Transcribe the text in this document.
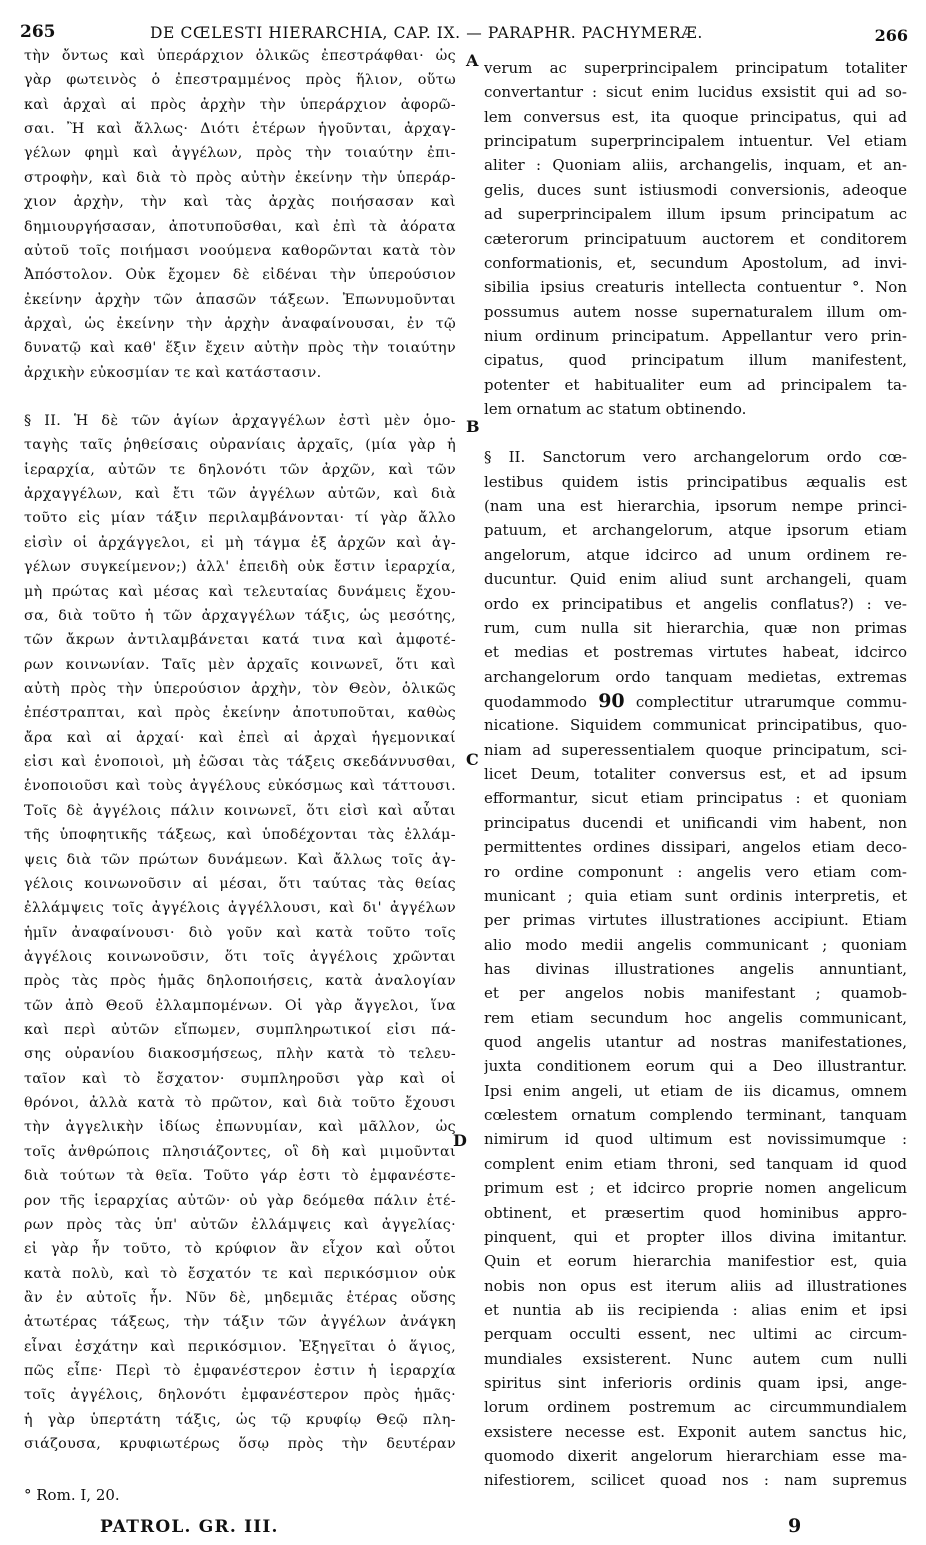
265	DE CŒLESTI HIERARCHIA, CAP. IX. — PARAPHR. PACHYMERÆ.	266
τὴν ὄντως καὶ ὑπεράρχιον ὁλικῶς ἐπεστράφθαι· ὡς
γὰρ φωτεινὸς ὁ ἐπεστραμμένος πρὸς ἥλιον, οὕτω
καὶ ἀρχαὶ αἱ πρὸς ἀρχὴν τὴν ὑπεράρχιον ἀφορῶ-
σαι. Ἢ καὶ ἄλλως· Διότι ἑτέρων ἡγοῦνται, ἀρχαγ-
γέλων φημὶ καὶ ἀγγέλων, πρὸς τὴν τοιαύτην ἐπι-
στροφὴν, καὶ διὰ τὸ πρὸς αὐτὴν ἐκείνην τὴν ὑπεράρ-
χιον ἀρχὴν, τὴν καὶ τὰς ἀρχὰς ποιήσασαν καὶ
δημιουργήσασαν, ἀποτυποῦσθαι, καὶ ἐπὶ τὰ ἀόρατα
αὐτοῦ τοῖς ποιήμασι νοούμενα καθορῶνται κατὰ τὸν
Ἀπόστολον. Οὐκ ἔχομεν δὲ εἰδέναι τὴν ὑπερούσιον
ἐκείνην ἀρχὴν τῶν ἁπασῶν τάξεων. Ἐπωνυμοῦνται
ἀρχαὶ, ὡς ἐκείνην τὴν ἀρχὴν ἀναφαίνουσαι, ἐν τῷ
δυνατῷ καὶ καθ' ἕξιν ἔχειν αὐτὴν πρὸς τὴν τοιαύτην
ἀρχικὴν εὐκοσμίαν τε καὶ κατάστασιν.
§ II. Ἡ δὲ τῶν ἁγίων ἀρχαγγέλων ἐστὶ μὲν ὁμο-
ταγὴς ταῖς ῥηθείσαις οὐρανίαις ἀρχαῖς, (μία γὰρ ἡ
ἱεραρχία, αὐτῶν τε δηλονότι τῶν ἀρχῶν, καὶ τῶν
ἀρχαγγέλων, καὶ ἔτι τῶν ἀγγέλων αὐτῶν, καὶ διὰ
τοῦτο εἰς μίαν τάξιν περιλαμβάνονται· τί γὰρ ἄλλο
εἰσὶν οἱ ἀρχάγγελοι, εἰ μὴ τάγμα ἐξ ἀρχῶν καὶ ἀγ-
γέλων συγκείμενον;) ἀλλ' ἐπειδὴ οὐκ ἔστιν ἱεραρχία,
μὴ πρώτας καὶ μέσας καὶ τελευταίας δυνάμεις ἔχου-
σα, διὰ τοῦτο ἡ τῶν ἀρχαγγέλων τάξις, ὡς μεσότης,
τῶν ἄκρων ἀντιλαμβάνεται κατά τινα καὶ ἀμφοτέ-
ρων κοινωνίαν. Ταῖς μὲν ἀρχαῖς κοινωνεῖ, ὅτι καὶ
αὐτὴ πρὸς τὴν ὑπερούσιον ἀρχὴν, τὸν Θεὸν, ὁλικῶς
ἐπέστραπται, καὶ πρὸς ἐκείνην ἀποτυποῦται, καθὼς
ἄρα καὶ αἱ ἀρχαί· καὶ ἐπεὶ αἱ ἀρχαὶ ἡγεμονικαί
εἰσι καὶ ἑνοποιοὶ, μὴ ἐῶσαι τὰς τάξεις σκεδάννυσθαι,
ἑνοποιοῦσι καὶ τοὺς ἀγγέλους εὐκόσμως καὶ τάττουσι.
Τοῖς δὲ ἀγγέλοις πάλιν κοινωνεῖ, ὅτι εἰσὶ καὶ αὗται
τῆς ὑποφητικῆς τάξεως, καὶ ὑποδέχονται τὰς ἐλλάμ-
ψεις διὰ τῶν πρώτων δυνάμεων. Καὶ ἄλλως τοῖς ἀγ-
γέλοις κοινωνοῦσιν αἱ μέσαι, ὅτι ταύτας τὰς θείας
ἐλλάμψεις τοῖς ἀγγέλοις ἀγγέλλουσι, καὶ δι' ἀγγέλων
ἡμῖν ἀναφαίνουσι· διὸ γοῦν καὶ κατὰ τοῦτο τοῖς
ἀγγέλοις κοινωνοῦσιν, ὅτι τοῖς ἀγγέλοις χρῶνται
πρὸς τὰς πρὸς ἡμᾶς δηλοποιήσεις, κατὰ ἀναλογίαν
τῶν ἀπὸ Θεοῦ ἐλλαμπομένων. Οἱ γὰρ ἄγγελοι, ἵνα
καὶ περὶ αὐτῶν εἴπωμεν, συμπληρωτικοί εἰσι πά-
σης οὐρανίου διακοσμήσεως, πλὴν κατὰ τὸ τελευ-
ταῖον καὶ τὸ ἔσχατον· συμπληροῦσι γὰρ καὶ οἱ
θρόνοι, ἀλλὰ κατὰ τὸ πρῶτον, καὶ διὰ τοῦτο ἔχουσι
τὴν ἀγγελικὴν ἰδίως ἐπωνυμίαν, καὶ μᾶλλον, ὡς
τοῖς ἀνθρώποις πλησιάζοντες, οἳ δὴ καὶ μιμοῦνται
διὰ τούτων τὰ θεῖα. Τοῦτο γάρ ἐστι τὸ ἐμφανέστε-
ρον τῆς ἱεραρχίας αὐτῶν· οὐ γὰρ δεόμεθα πάλιν ἑτέ-
ρων πρὸς τὰς ὑπ' αὐτῶν ἐλλάμψεις καὶ ἀγγελίας·
εἰ γὰρ ἦν τοῦτο, τὸ κρύφιον ἂν εἶχον καὶ οὗτοι
κατὰ πολὺ, καὶ τὸ ἔσχατόν τε καὶ περικόσμιον οὐκ
ἂν ἐν αὐτοῖς ἦν. Νῦν δὲ, μηδεμιᾶς ἑτέρας οὔσης
ἀτωτέρας τάξεως, τὴν τάξιν τῶν ἀγγέλων ἀνάγκη
εἶναι ἐσχάτην καὶ περικόσμιον. Ἐξηγεῖται ὁ ἅγιος,
πῶς εἶπε· Περὶ τὸ ἐμφανέστερον ἐστιν ἡ ἱεραρχία
τοῖς ἀγγέλοις, δηλονότι ἐμφανέστερον πρὸς ἡμᾶς·
ἡ γὰρ ὑπερτάτη τάξις, ὡς τῷ κρυφίῳ Θεῷ πλη-
σιάζουσα, κρυφιωτέρως ὅσῳ πρὸς τὴν δευτέραν
verum ac superprincipalem principatum totaliter
convertantur : sicut enim lucidus exsistit qui ad so-
lem conversus est, ita quoque principatus, qui ad
principatum superprincipalem intuentur. Vel etiam
aliter : Quoniam aliis, archangelis, inquam, et an-
gelis, duces sunt istiusmodi conversionis, adeoque
ad superprincipalem illum ipsum principatum ac
cæterorum principatuum auctorem et conditorem
conformationis, et, secundum Apostolum, ad invi-
sibilia ipsius creaturis intellecta contuentur °. Non
possumus autem nosse supernaturalem illum om-
nium ordinum principatum. Appellantur vero prin-
cipatus, quod principatum illum manifestent,
potenter et habitualiter eum ad principalem ta-
lem ornatum ac statum obtinendo.
§ II. Sanctorum vero archangelorum ordo cœ-
lestibus quidem istis principatibus æqualis est
(nam una est hierarchia, ipsorum nempe princi-
patuum, et archangelorum, atque ipsorum etiam
angelorum, atque idcirco ad unum ordinem re-
ducuntur. Quid enim aliud sunt archangeli, quam
ordo ex principatibus et angelis conflatus?) : ve-
rum, cum nulla sit hierarchia, quæ non primas
et medias et postremas virtutes habeat, idcirco
archangelorum ordo tanquam medietas, extremas
quodammodo 90 complectitur utrarumque commu-
nicatione. Siquidem communicat principatibus, quo-
niam ad superessentialem quoque principatum, sci-
licet Deum, totaliter conversus est, et ad ipsum
efformantur, sicut etiam principatus : et quoniam
principatus ducendi et unificandi vim habent, non
permittentes ordines dissipari, angelos etiam deco-
ro ordine componunt : angelis vero etiam com-
municant ; quia etiam sunt ordinis interpretis, et
per primas virtutes illustrationes accipiunt. Etiam
alio modo medii angelis communicant ; quoniam
has divinas illustrationes angelis annuntiant,
et per angelos nobis manifestant ; quamob-
rem etiam secundum hoc angelis communicant,
quod angelis utantur ad nostras manifestationes,
juxta conditionem eorum qui a Deo illustrantur.
Ipsi enim angeli, ut etiam de iis dicamus, omnem
cœlestem ornatum complendo terminant, tanquam
nimirum id quod ultimum est novissimumque :
complent enim etiam throni, sed tanquam id quod
primum est ; et idcirco proprie nomen angelicum
obtinent, et præsertim quod hominibus appro-
pinquent, qui et propter illos divina imitantur.
Quin et eorum hierarchia manifestior est, quia
nobis non opus est iterum aliis ad illustrationes
et nuntia ab iis recipienda : alias enim et ipsi
perquam occulti essent, nec ultimi ac circum-
mundiales exsisterent. Nunc autem cum nulli
spiritus sint inferioris ordinis quam ipsi, ange-
lorum ordinem postremum ac circummundialem
exsistere necesse est. Exponit autem sanctus hic,
quomodo dixerit angelorum hierarchiam esse ma-
nifestiorem, scilicet quoad nos : nam supremus
A
B
C
D
° Rom. I, 20.
PATROL. GR. III.	9
